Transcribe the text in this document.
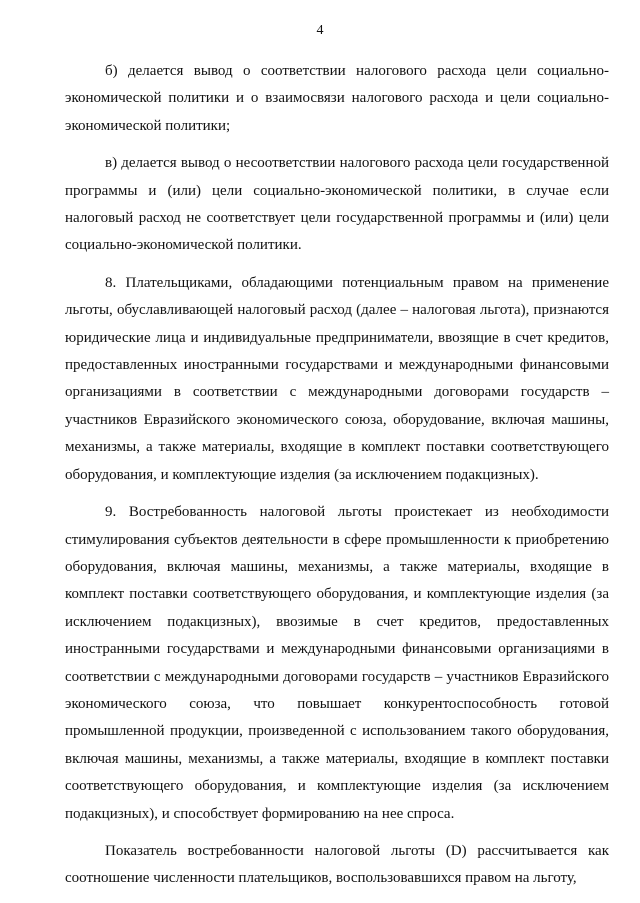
4

б) делается вывод о соответствии налогового расхода цели социально-экономической политики и о взаимосвязи налогового расхода и цели социально-экономической политики;

в) делается вывод о несоответствии налогового расхода цели государственной программы и (или) цели социально-экономической политики, в случае если налоговый расход не соответствует цели государственной программы и (или) цели социально-экономической политики.

8. Плательщиками, обладающими потенциальным правом на применение льготы, обуславливающей налоговый расход (далее – налоговая льгота), признаются юридические лица и индивидуальные предприниматели, ввозящие в счет кредитов, предоставленных иностранными государствами и международными финансовыми организациями в соответствии с международными договорами государств – участников Евразийского экономического союза, оборудование, включая машины, механизмы, а также материалы, входящие в комплект поставки соответствующего оборудования, и комплектующие изделия (за исключением подакцизных).

9. Востребованность налоговой льготы проистекает из необходимости стимулирования субъектов деятельности в сфере промышленности к приобретению оборудования, включая машины, механизмы, а также материалы, входящие в комплект поставки соответствующего оборудования, и комплектующие изделия (за исключением подакцизных), ввозимые в счет кредитов, предоставленных иностранными государствами и международными финансовыми организациями в соответствии с международными договорами государств – участников Евразийского экономического союза, что повышает конкурентоспособность готовой промышленной продукции, произведенной с использованием такого оборудования, включая машины, механизмы, а также материалы, входящие в комплект поставки соответствующего оборудования, и комплектующие изделия (за исключением подакцизных), и способствует формированию на нее спроса.

Показатель востребованности налоговой льготы (D) рассчитывается как соотношение численности плательщиков, воспользовавшихся правом на льготу,
